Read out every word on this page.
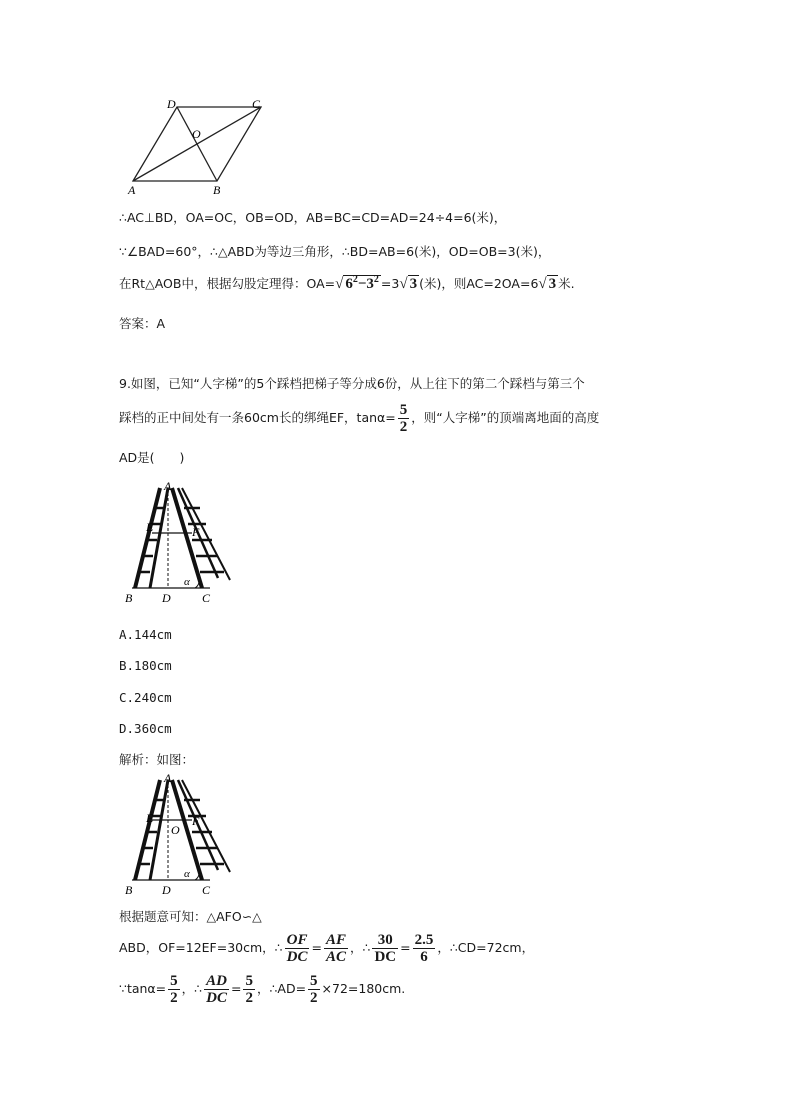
D	C
O
A	B
∴AC⊥BD，OA=OC，OB=OD，AB=BC=CD=AD=24÷4=6(米)，
∵∠BAD=60°，∴△ABD为等边三角形，∴BD=AB=6(米)，OD=OB=3(米)，
在Rt△AOB中，根据勾股定理得：OA=√ $6^2-3^2 =3√$ 3 (米)，则AC=2OA=6√ 3 米.
答案：A
9.如图，已知“人字梯”的5个踩档把梯子等分成6份，从上往下的第二个踩档与第三个
踩档的正中间处有一条60cm长的绑绳EF，$\tan\alpha= \frac{5}{2}$ ，则“人字梯”的顶端离地面的高度
AD是(　　)
A
E	F
α
B D	C
A.144cm
B.180cm
C.240cm
D.360cm
解析：如图：
A
E
O
F
α
B D	C
根据题意可知：△AFO∽△
ABD，OF=12EF=30cm，∴ $\frac{OF}{DC} = \frac{AF}{AC}$ ，∴ $\frac{30}{DC} = \frac{2.5}{6}$ ，∴CD=72cm，
∵tanα= $\frac{5}{2}$ ，∴ $\frac{AD}{DC} = \frac{5}{2}$ ，∴AD= $\frac{5}{2} \times 72=180cm$.
